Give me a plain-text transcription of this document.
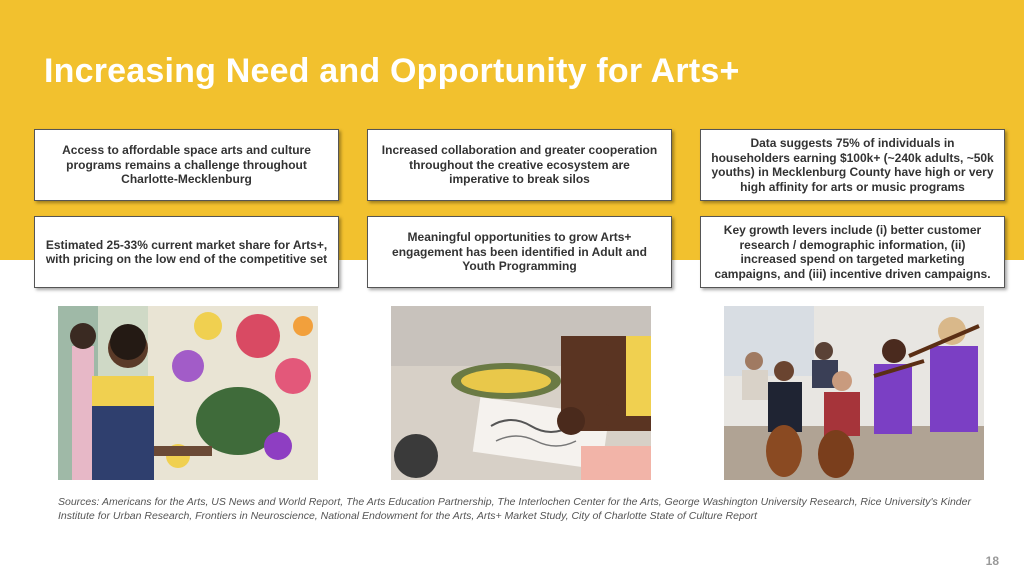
Increasing Need and Opportunity for Arts+
Access to affordable space arts and culture programs remains a challenge throughout Charlotte-Mecklenburg
Increased collaboration and greater cooperation throughout the creative ecosystem are imperative to break silos
Data suggests 75% of individuals in householders earning $100k+ (~240k adults, ~50k youths) in Mecklenburg County have high or very high affinity for arts or music programs
Estimated 25-33% current market share for Arts+, with pricing on the low end of the competitive set
Meaningful opportunities to grow Arts+ engagement has been identified in Adult and Youth Programming
Key growth levers include (i) better customer research / demographic information, (ii) increased spend on targeted marketing campaigns, and (iii) incentive driven campaigns.
Sources: Americans for the Arts, US News and World Report, The Arts Education Partnership, The Interlochen Center for the Arts, George Washington University Research, Rice University's Kinder Institute for Urban Research, Frontiers in Neuroscience, National Endowment for the Arts, Arts+ Market Study, City of Charlotte State of Culture Report
18
